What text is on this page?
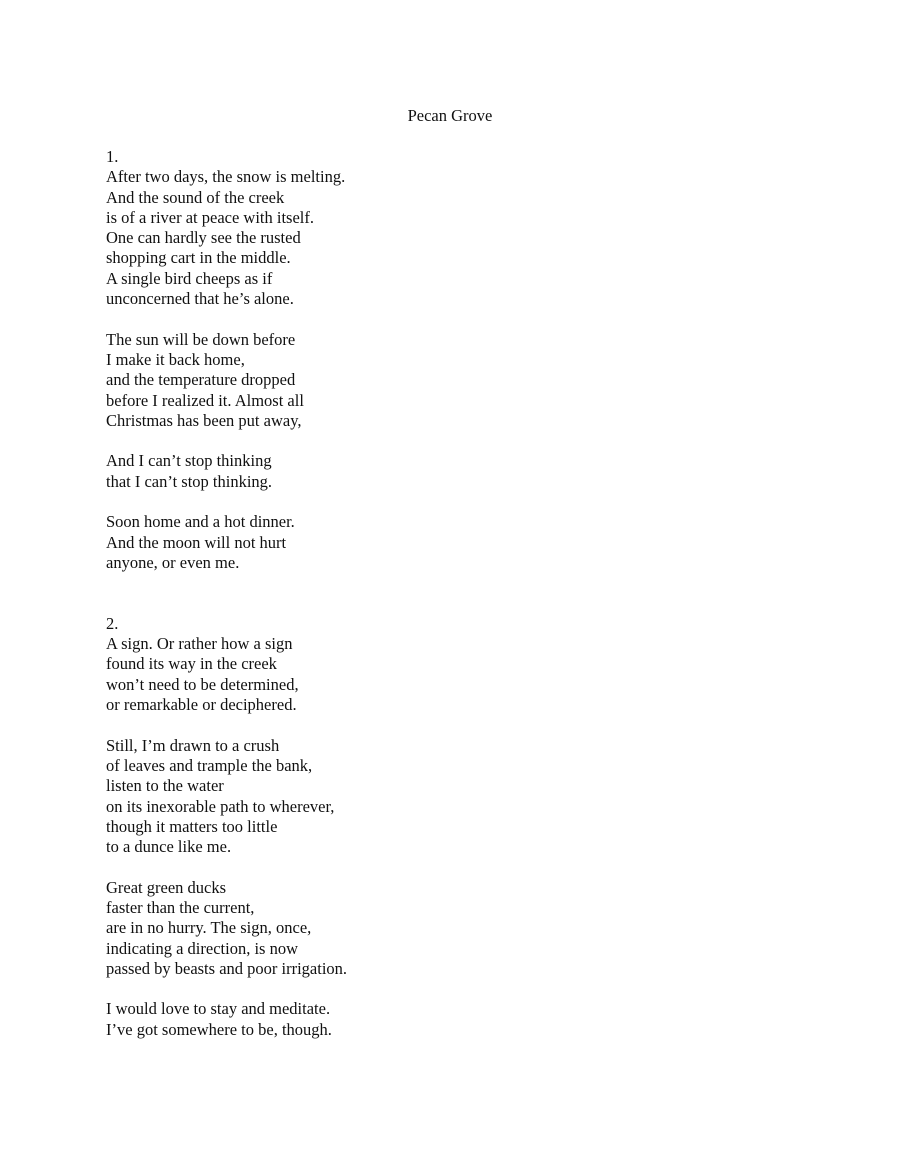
Pecan Grove
1.
After two days, the snow is melting.
And the sound of the creek
is of a river at peace with itself.
One can hardly see the rusted
shopping cart in the middle.
A single bird cheeps as if
unconcerned that he’s alone.
The sun will be down before
I make it back home,
and the temperature dropped
before I realized it. Almost all
Christmas has been put away,
And I can’t stop thinking
that I can’t stop thinking.
Soon home and a hot dinner.
And the moon will not hurt
anyone, or even me.
2.
A sign. Or rather how a sign
found its way in the creek
won’t need to be determined,
or remarkable or deciphered.
Still, I’m drawn to a crush
of leaves and trample the bank,
listen to the water
on its inexorable path to wherever,
though it matters too little
to a dunce like me.
Great green ducks
faster than the current,
are in no hurry. The sign, once,
indicating a direction, is now
passed by beasts and poor irrigation.
I would love to stay and meditate.
I’ve got somewhere to be, though.
